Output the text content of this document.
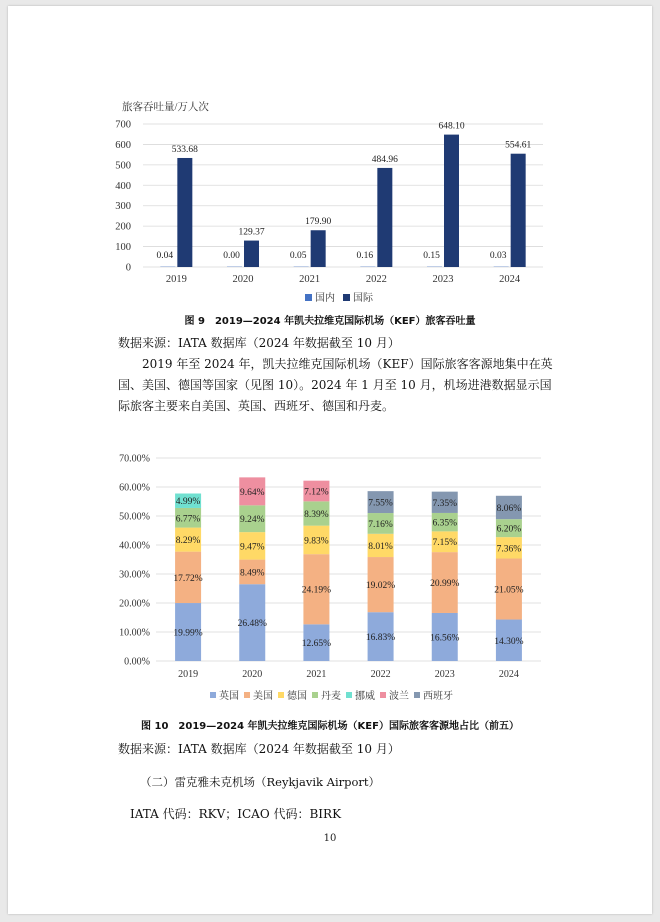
旅客吞吐量/万人次
0
100
200
300
400
500
600
700
0.04
533.68
2019
0.00
129.37
2020
0.05
179.90
2021
0.16
484.96
2022
0.15
648.10
2023
0.03
554.61
2024
国内 国际
图 9　2019—2024 年凯夫拉维克国际机场（KEF）旅客吞吐量
数据来源：IATA 数据库（2024 年数据截至 10 月）
2019 年至 2024 年，凯夫拉维克国际机场（KEF）国际旅客客源地集中在英
国、美国、德国等国家（见图 10）。2024 年 1 月至 10 月，机场进港数据显示国
际旅客主要来自美国、英国、西班牙、德国和丹麦。
0.00%
10.00%
20.00%
30.00%
40.00%
50.00%
60.00%
70.00%
19.99%
17.72%
8.29%
6.77%
4.99%
2019
26.48%
8.49%
9.47%
9.24%
9.64%
2020
12.65%
24.19%
9.83%
8.39%
7.12%
2021
16.83%
19.02%
8.01%
7.16%
7.55%
2022
16.56%
20.99%
7.15%
6.35%
7.35%
2023
14.30%
21.05%
7.36%
6.20%
8.06%
2024
英国 美国 德国 丹麦 挪威 波兰 西班牙
图 10　2019—2024 年凯夫拉维克国际机场（KEF）国际旅客客源地占比（前五）
数据来源：IATA 数据库（2024 年数据截至 10 月）
（二）雷克雅未克机场（Reykjavik Airport）
IATA 代码：RKV；ICAO 代码：BIRK
10
